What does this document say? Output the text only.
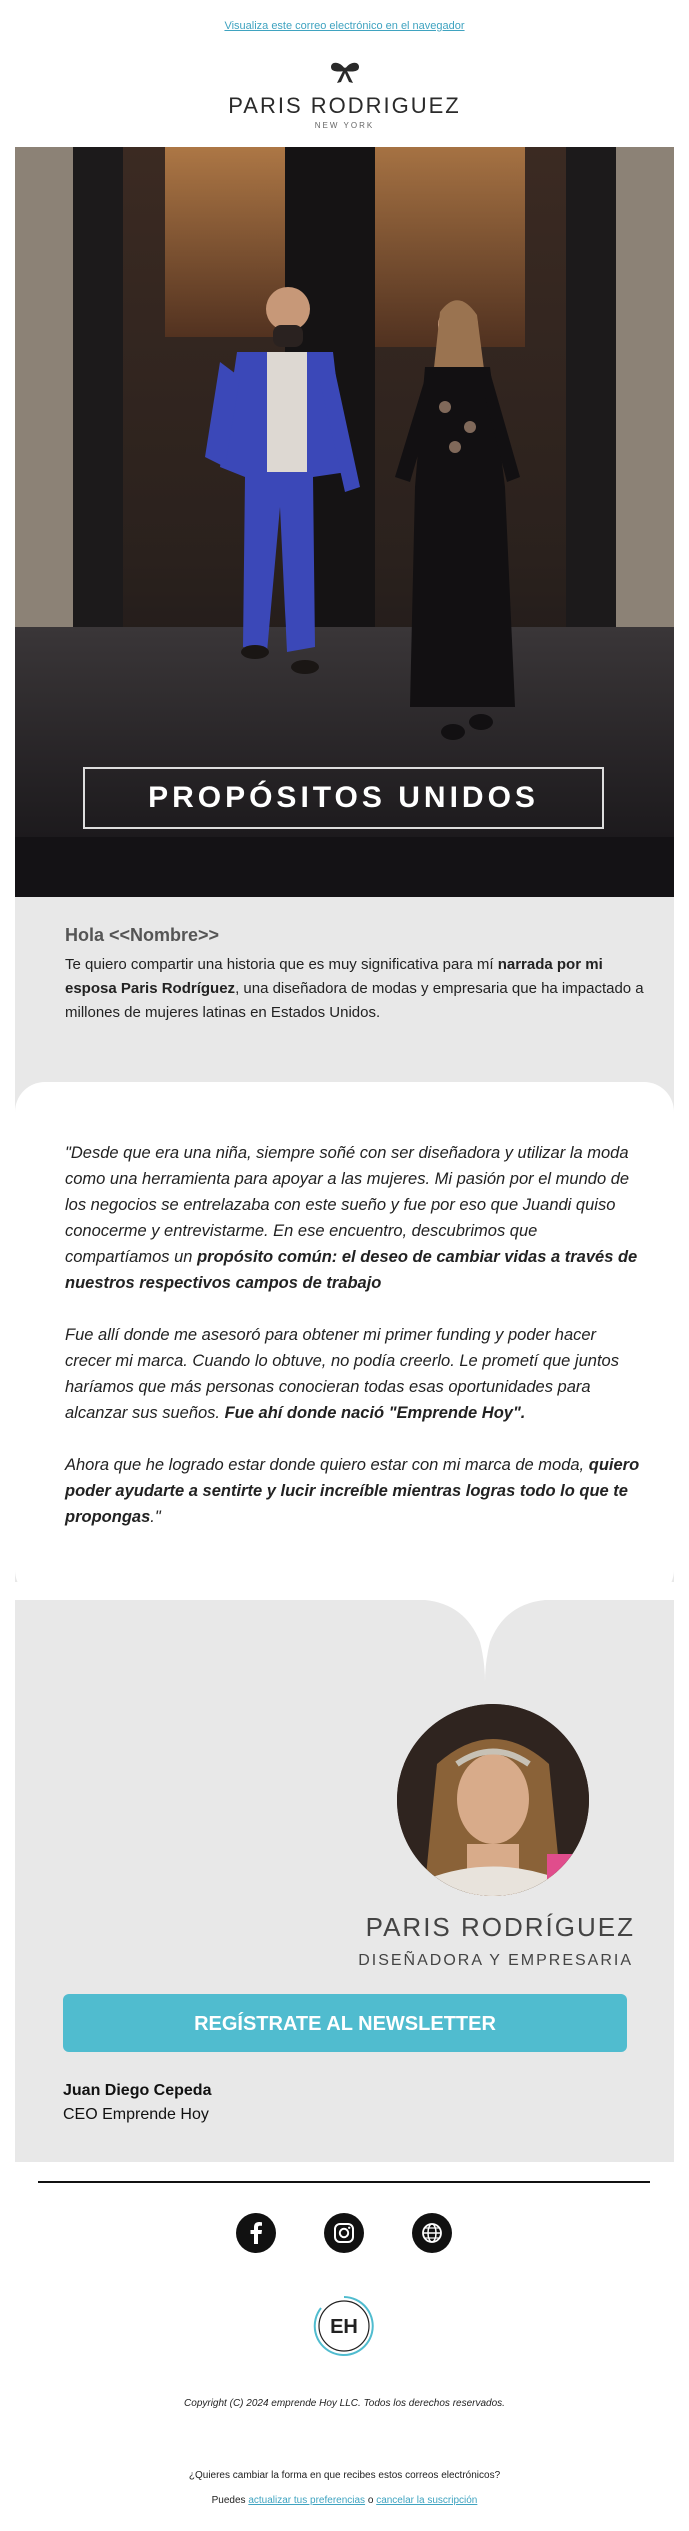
Visualiza este correo electrónico en el navegador
PARIS RODRIGUEZ
NEW YORK
PROPÓSITOS UNIDOS
Hola <<Nombre>>

Te quiero compartir una historia que es muy significativa para mí narrada por mi esposa Paris Rodríguez, una diseñadora de modas y empresaria que ha impactado a millones de mujeres latinas en Estados Unidos.

"Desde que era una niña, siempre soñé con ser diseñadora y utilizar la moda como una herramienta para apoyar a las mujeres. Mi pasión por el mundo de los negocios se entrelazaba con este sueño y fue por eso que Juandi quiso conocerme y entrevistarme. En ese encuentro, descubrimos que compartíamos un propósito común: el deseo de cambiar vidas a través de nuestros respectivos campos de trabajo

Fue allí donde me asesoró para obtener mi primer funding y poder hacer crecer mi marca. Cuando lo obtuve, no podía creerlo. Le prometí que juntos haríamos que más personas conocieran todas esas oportunidades para alcanzar sus sueños. Fue ahí donde nació "Emprende Hoy".

Ahora que he logrado estar donde quiero estar con mi marca de moda, quiero poder ayudarte a sentirte y lucir increíble mientras logras todo lo que te propongas."

PARIS RODRÍGUEZ
DISEÑADORA Y EMPRESARIA
REGÍSTRATE AL NEWSLETTER
Juan Diego Cepeda
CEO Emprende Hoy
EH
Copyright (C) 2024 emprende Hoy LLC. Todos los derechos reservados.
¿Quieres cambiar la forma en que recibes estos correos electrónicos?
Puedes actualizar tus preferencias o cancelar la suscripción
